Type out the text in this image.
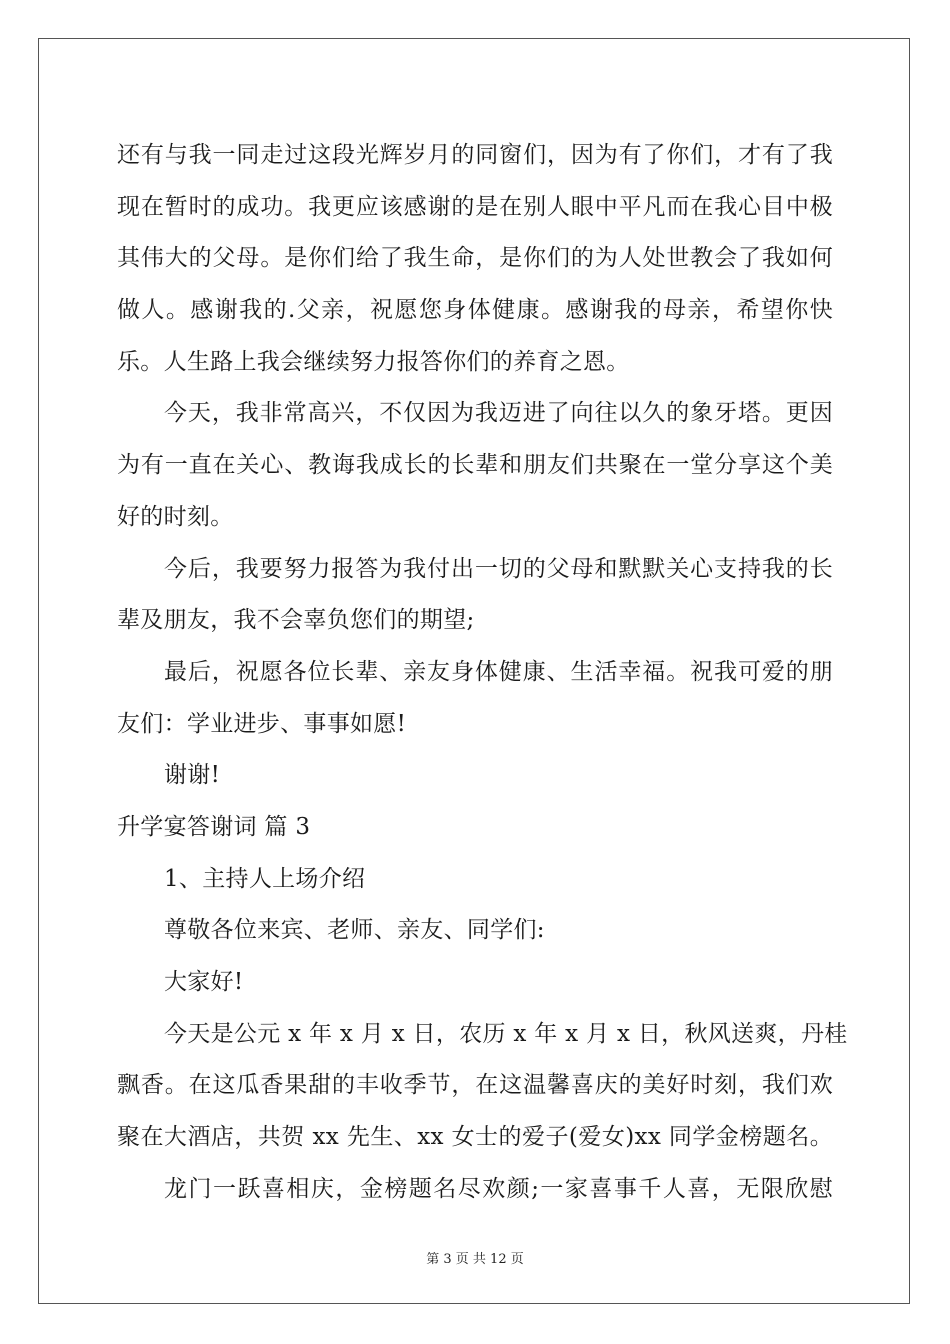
还有与我一同走过这段光辉岁月的同窗们，因为有了你们，才有了我
现在暂时的成功。我更应该感谢的是在别人眼中平凡而在我心目中极
其伟大的父母。是你们给了我生命，是你们的为人处世教会了我如何
做人。感谢我的.父亲，祝愿您身体健康。感谢我的母亲，希望你快
乐。人生路上我会继续努力报答你们的养育之恩。
今天，我非常高兴，不仅因为我迈进了向往以久的象牙塔。更因
为有一直在关心、教诲我成长的长辈和朋友们共聚在一堂分享这个美
好的时刻。
今后，我要努力报答为我付出一切的父母和默默关心支持我的长
辈及朋友，我不会辜负您们的期望;
最后，祝愿各位长辈、亲友身体健康、生活幸福。祝我可爱的朋
友们：学业进步、事事如愿!
谢谢!
升学宴答谢词 篇 3
1、主持人上场介绍
尊敬各位来宾、老师、亲友、同学们:
大家好!
今天是公元 x 年 x 月 x 日，农历 x 年 x 月 x 日，秋风送爽，丹桂
飘香。在这瓜香果甜的丰收季节，在这温馨喜庆的美好时刻，我们欢
聚在大酒店，共贺 xx 先生、xx 女士的爱子(爱女)xx 同学金榜题名。
龙门一跃喜相庆，金榜题名尽欢颜;一家喜事千人喜，无限欣慰
第 3 页 共 12 页
